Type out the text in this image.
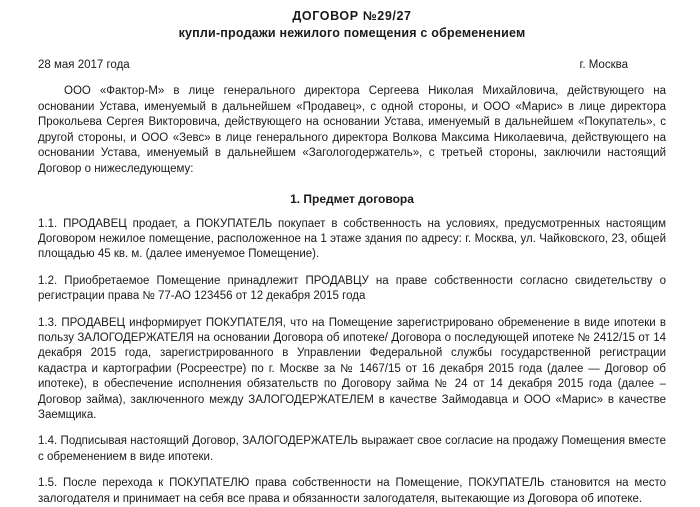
ДОГОВОР №29/27
купли-продажи нежилого помещения с обременением
28 мая 2017 года	г. Москва
ООО «Фактор-М» в лице генерального директора Сергеева Николая Михайловича, действующего на основании Устава, именуемый в дальнейшем «Продавец», с одной стороны, и ООО «Марис» в лице директора Прокольева Сергея Викторовича, действующего на основании Устава, именуемый в дальнейшем «Покупатель», с другой стороны, и ООО «Зевс» в лице генерального директора Волкова Максима Николаевича, действующего на основании Устава, именуемый в дальнейшем «Загологодержатель», с третьей стороны, заключили настоящий Договор о нижеследующему:
1. Предмет договора
1.1. ПРОДАВЕЦ продает, а ПОКУПАТЕЛЬ покупает в собственность на условиях, предусмотренных настоящим Договором нежилое помещение, расположенное на 1 этаже здания по адресу: г. Москва, ул. Чайковского, 23, общей площадью 45 кв. м. (далее именуемое Помещение).
1.2. Приобретаемое Помещение принадлежит ПРОДАВЦУ на праве собственности согласно свидетельству о регистрации права № 77-АО 123456 от 12 декабря 2015 года
1.3. ПРОДАВЕЦ информирует ПОКУПАТЕЛЯ, что на Помещение зарегистрировано обременение в виде ипотеки в пользу ЗАЛОГОДЕРЖАТЕЛЯ на основании Договора об ипотеке/ Договора о последующей ипотеке № 2412/15 от 14 декабря 2015 года, зарегистрированного в Управлении Федеральной службы государственной регистрации кадастра и картографии (Росреестре) по г. Москве за № 1467/15 от 16 декабря 2015 года (далее — Договор об ипотеке), в обеспечение исполнения обязательств по Договору займа № 24 от 14 декабря 2015 года (далее – Договор займа), заключенного между ЗАЛОГОДЕРЖАТЕЛЕМ в качестве Займодавца и ООО «Марис» в качестве Заемщика.
1.4. Подписывая настоящий Договор, ЗАЛОГОДЕРЖАТЕЛЬ выражает свое согласие на продажу Помещения вместе с обременением в виде ипотеки.
1.5. После перехода к ПОКУПАТЕЛЮ права собственности на Помещение, ПОКУПАТЕЛЬ становится на место залогодателя и принимает на себя все права и обязанности залогодателя, вытекающие из Договора об ипотеке.
